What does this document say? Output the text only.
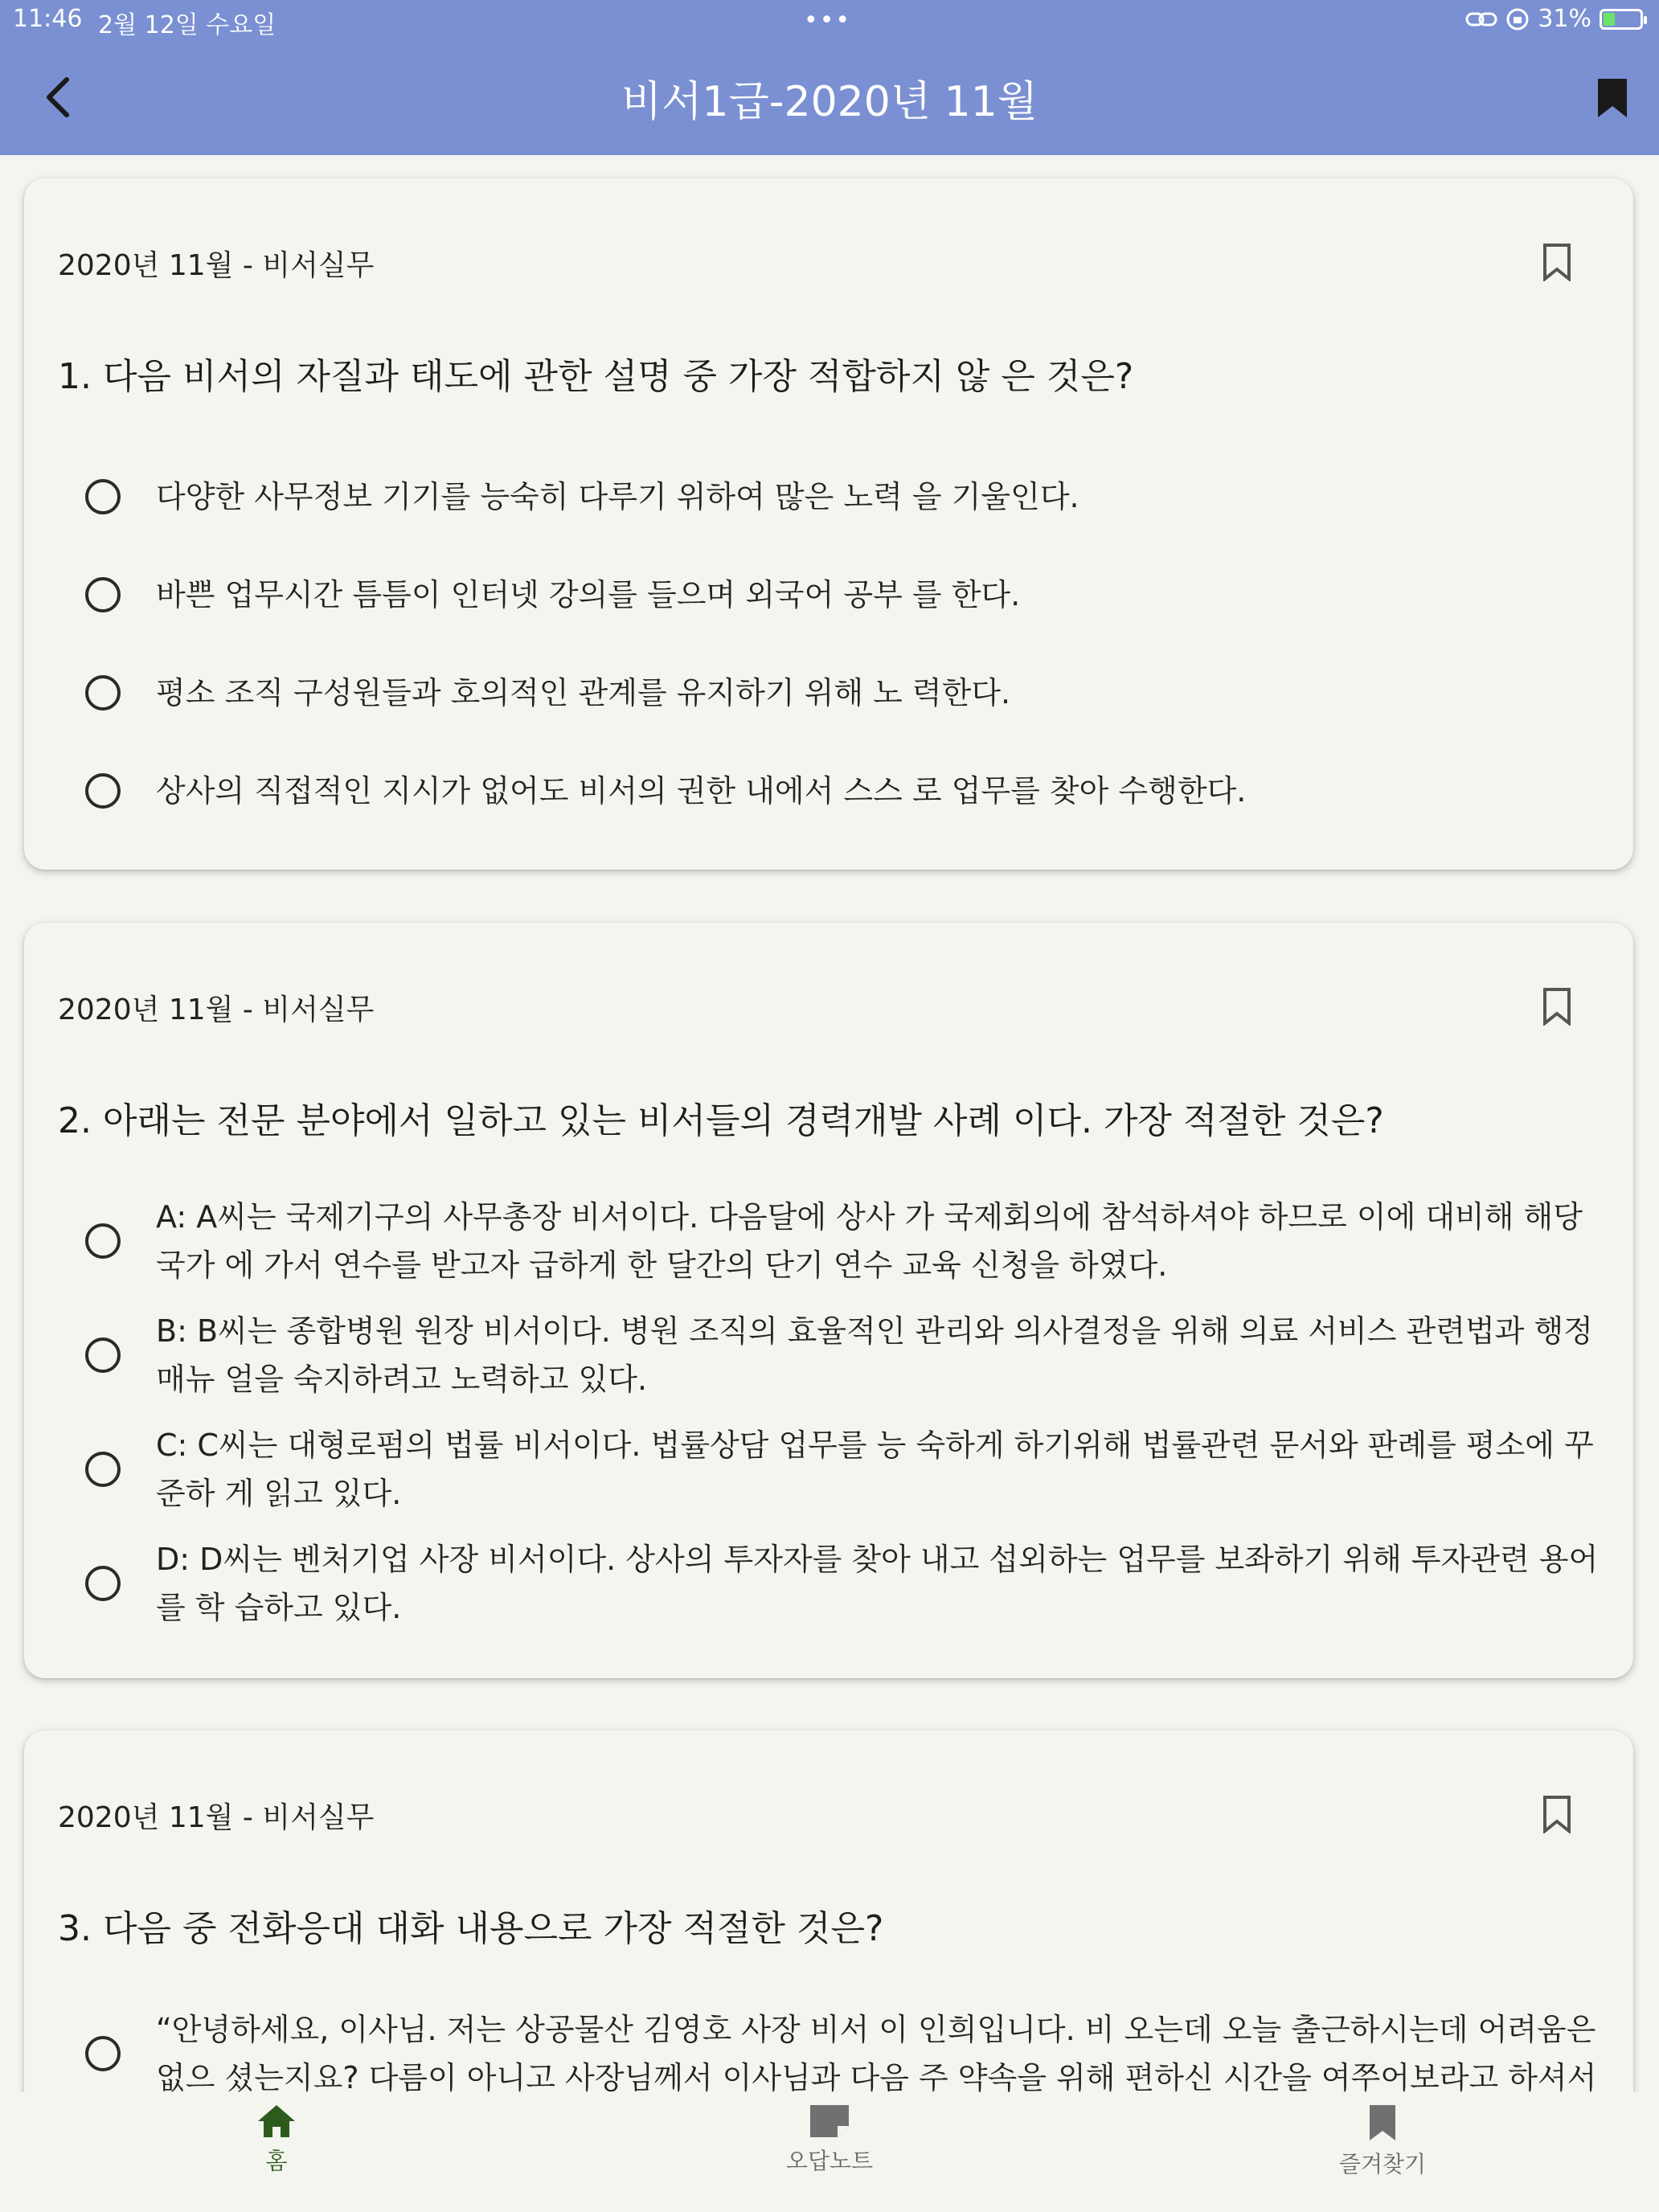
11:46 2월 12일 수요일	•••	31%
비서1급-2020년 11월
2020년 11월 - 비서실무
1. 다음 비서의 자질과 태도에 관한 설명 중 가장 적합하지 않 은 것은?
다양한 사무정보 기기를 능숙히 다루기 위하여 많은 노력 을 기울인다.
바쁜 업무시간 틈틈이 인터넷 강의를 들으며 외국어 공부 를 한다.
평소 조직 구성원들과 호의적인 관계를 유지하기 위해 노 력한다.
상사의 직접적인 지시가 없어도 비서의 권한 내에서 스스 로 업무를 찾아 수행한다.
2020년 11월 - 비서실무
2. 아래는 전문 분야에서 일하고 있는 비서들의 경력개발 사례 이다. 가장 적절한 것은?
A: A씨는 국제기구의 사무총장 비서이다. 다음달에 상사 가 국제회의에 참석하셔야 하므로 이에 대비해 해당 국가 에 가서 연수를 받고자 급하게 한 달간의 단기 연수 교육 신청을 하였다.
B: B씨는 종합병원 원장 비서이다. 병원 조직의 효율적인 관리와 의사결정을 위해 의료 서비스 관련법과 행정매뉴 얼을 숙지하려고 노력하고 있다.
C: C씨는 대형로펌의 법률 비서이다. 법률상담 업무를 능 숙하게 하기위해 법률관련 문서와 판례를 평소에 꾸준하 게 읽고 있다.
D: D씨는 벤처기업 사장 비서이다. 상사의 투자자를 찾아 내고 섭외하는 업무를 보좌하기 위해 투자관련 용어를 학 습하고 있다.
2020년 11월 - 비서실무
3. 다음 중 전화응대 대화 내용으로 가장 적절한 것은?
“안녕하세요, 이사님. 저는 상공물산 김영호 사장 비서 이 인희입니다. 비 오는데 오늘 출근하시는데 어려움은 없으 셨는지요? 다름이 아니고 사장님께서 이사님과 다음 주 약속을 위해 편하신 시간을 여쭈어보라고 하셔서
홈	오답노트	즐겨찾기
